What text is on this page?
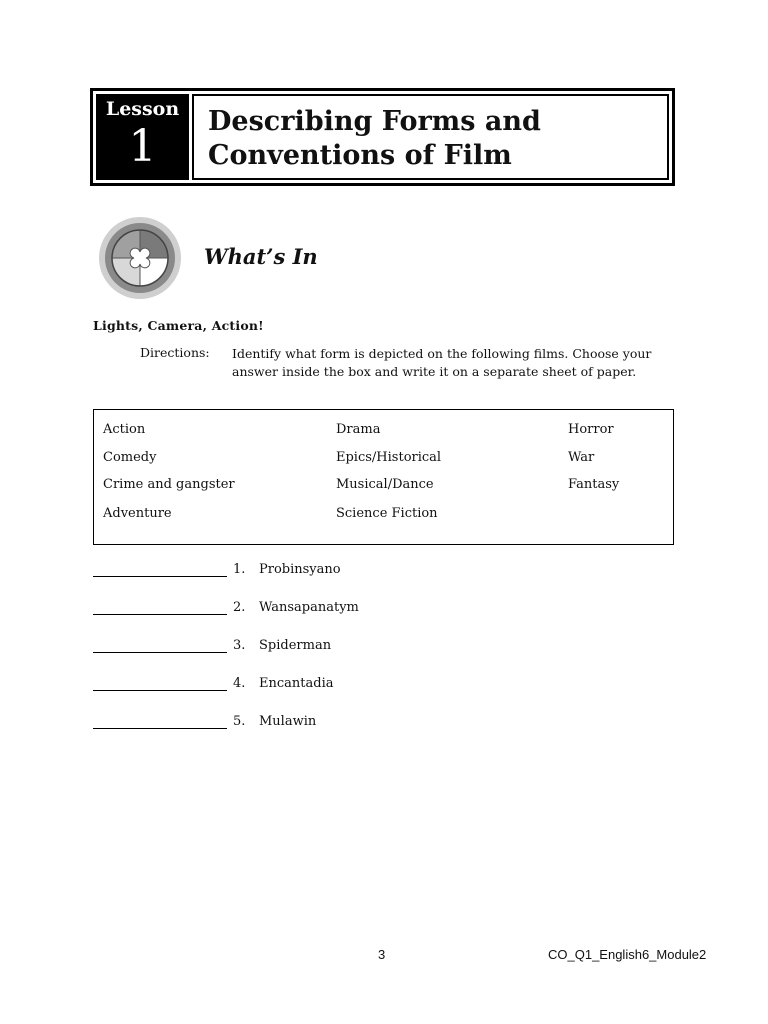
Lesson
1	Describing Forms and
Conventions of Film
What’s In
Lights, Camera, Action!
Directions: Identify what form is depicted on the following films. Choose your answer inside the box and write it on a separate sheet of paper.
Action	Drama	Horror
Comedy	Epics/Historical	War
Crime and gangster	Musical/Dance	Fantasy
Adventure	Science Fiction
1. Probinsyano
2. Wansapanatym
3. Spiderman
4. Encantadia
5. Mulawin
3	CO_Q1_English6_Module2
